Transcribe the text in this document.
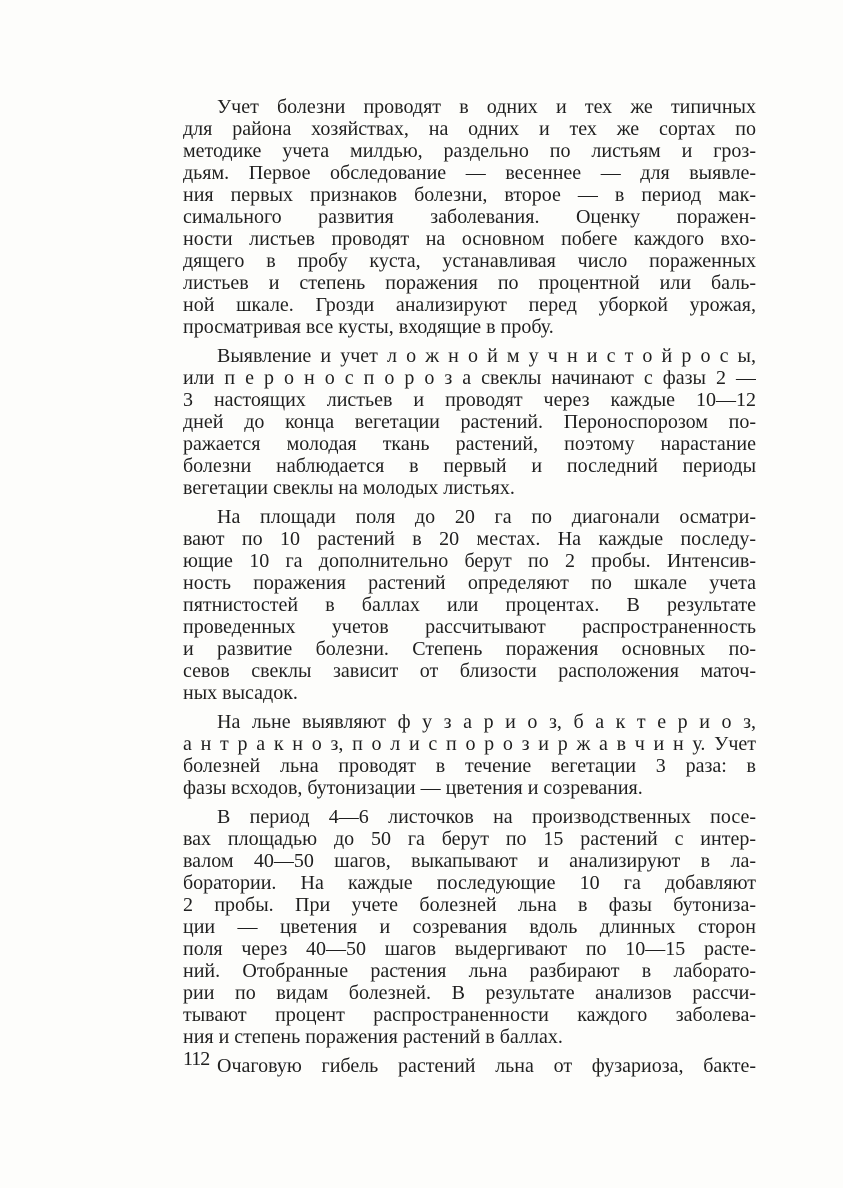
Учет болезни проводят в одних и тех же типичных
для района хозяйствах, на одних и тех же сортах по
методике учета милдью, раздельно по листьям и грoз-
дьям. Первое обследование — весеннее — для выявле-
ния первых признаков болезни, второе — в период мак-
симального развития заболевания. Оценку поражен-
ности листьев проводят на основном побеге каждого вхо-
дящего в пробу куста, устанавливая число пораженных
листьев и степень поражения по процентной или баль-
ной шкале. Грозди анализируют перед уборкой урожая,
просматривая все кусты, входящие в пробу.
Выявление и учет л о ж н о й м у ч н и с т о й р о с ы,
или п е р о н о с п о р о з а свеклы начинают с фазы 2 —
3 настоящих листьев и проводят через каждые 10—12
дней до конца вегетации растений. Пероноспорозом по-
ражается молодая ткань растений, поэтому нарастание
болезни наблюдается в первый и последний периоды
вегетации свеклы на молодых листьях.
На площади поля до 20 га по диагонали осматри-
вают по 10 растений в 20 местах. На каждые последу-
ющие 10 га дополнительно берут по 2 пробы. Интенсив-
ность поражения растений определяют по шкале учета
пятнистостей в баллах или процентах. В результате
проведенных учетов рассчитывают распространенность
и развитие болезни. Степень поражения основных по-
севов свеклы зависит от близости расположения маточ-
ных высадок.
На льне выявляют ф у з а р и о з, б а к т е р и о з,
а н т р а к н о з, п о л и с п о р о з и р ж а в ч и н у. Учет
болезней льна проводят в течение вегетации 3 раза: в
фазы всходов, бутонизации — цветения и созревания.
В период 4—6 листочков на производственных посе-
вах площадью до 50 га берут по 15 растений с интер-
валом 40—50 шагов, выкапывают и анализируют в ла-
боратории. На каждые последующие 10 га добавляют
2 пробы. При учете болезней льна в фазы бутониза-
ции — цветения и созревания вдоль длинных сторон
поля через 40—50 шагов выдергивают по 10—15 расте-
ний. Отобранные растения льна разбирают в лаборато-
рии по видам болезней. В результате анализов рассчи-
тывают процент распространенности каждого заболева-
ния и степень поражения растений в баллах.
Очаговую гибель растений льна от фузариоза, бакте-
112
